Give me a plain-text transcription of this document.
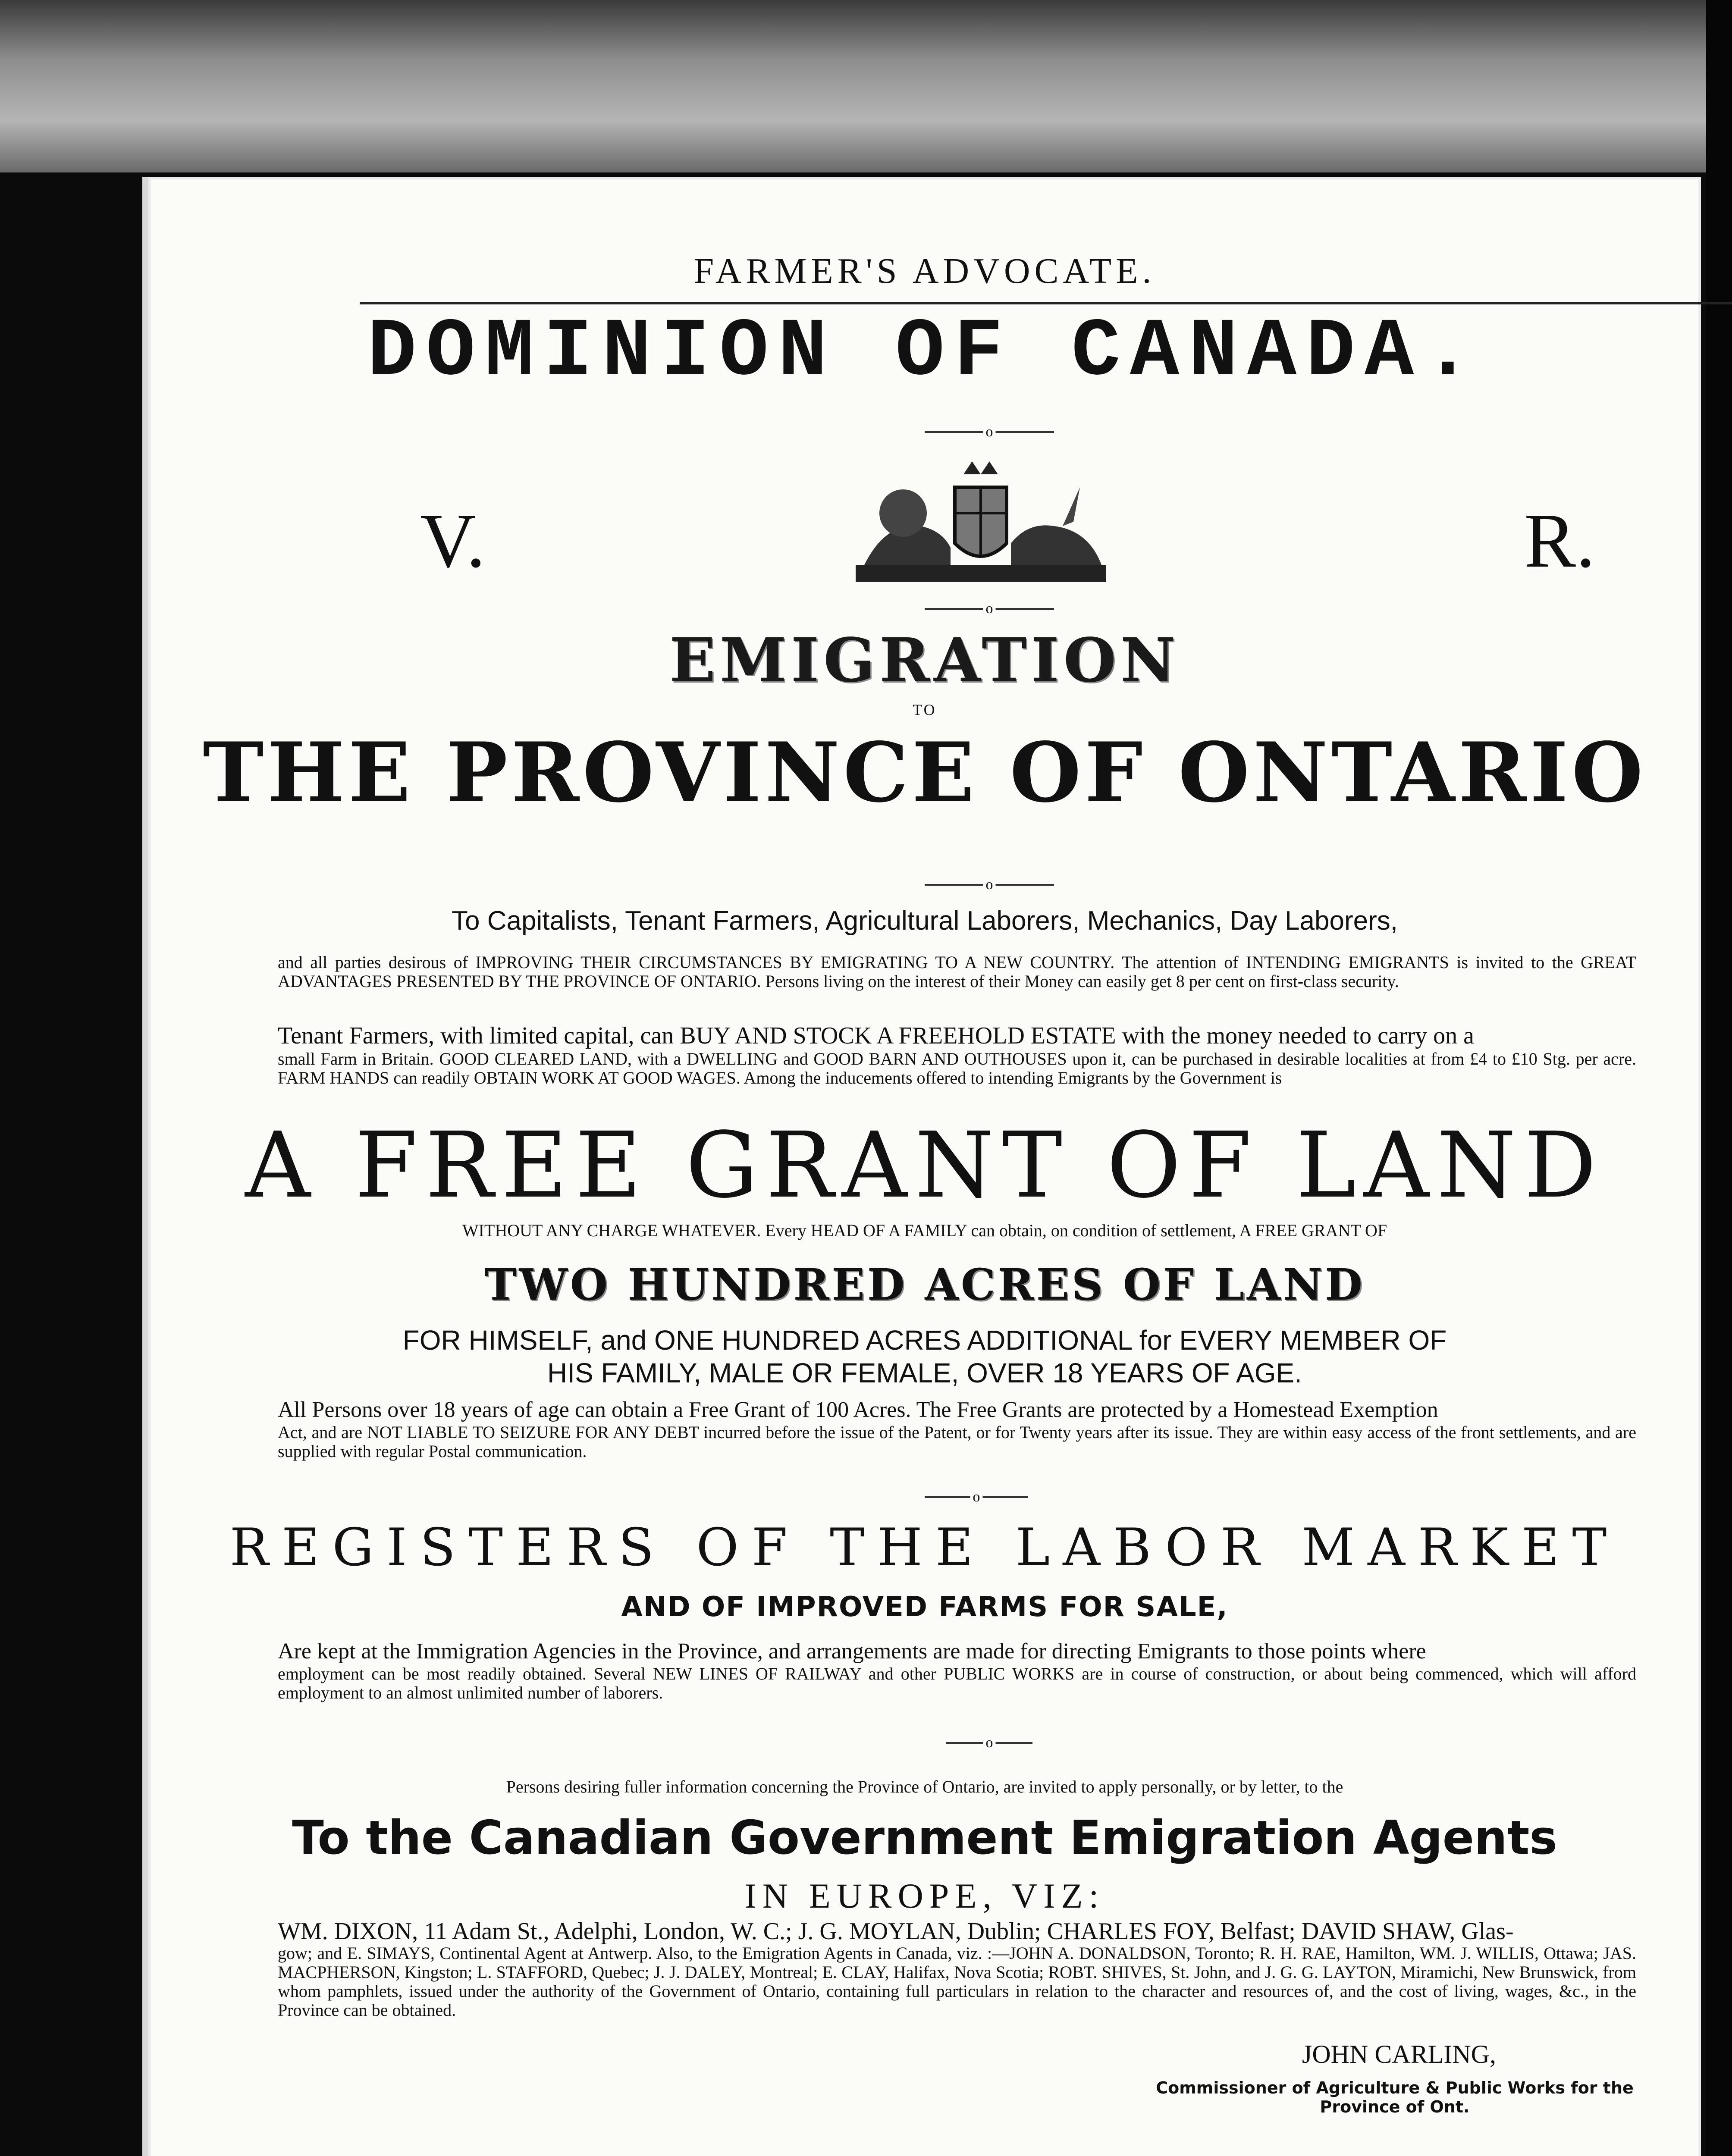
FARMER'S ADVOCATE.
DOMINION OF CANADA.
o
V.	R.
o
EMIGRATION
TO
THE PROVINCE OF ONTARIO
o
To Capitalists, Tenant Farmers, Agricultural Laborers, Mechanics, Day Laborers,
and all parties desirous of IMPROVING THEIR CIRCUMSTANCES BY EMIGRATING TO A NEW COUNTRY. The attention of INTENDING EMIGRANTS is invited to the GREAT ADVANTAGES PRESENTED BY THE PROVINCE OF ONTARIO. Persons living on the interest of their Money can easily get 8 per cent on first-class security.
Tenant Farmers, with limited capital, can BUY AND STOCK A FREEHOLD ESTATE with the money needed to carry on a
small Farm in Britain. GOOD CLEARED LAND, with a DWELLING and GOOD BARN AND OUTHOUSES upon it, can be purchased in desirable localities at from £4 to £10 Stg. per acre. FARM HANDS can readily OBTAIN WORK AT GOOD WAGES. Among the inducements offered to intending Emigrants by the Government is
A FREE GRANT OF LAND
WITHOUT ANY CHARGE WHATEVER. Every HEAD OF A FAMILY can obtain, on condition of settlement, A FREE GRANT OF
TWO HUNDRED ACRES OF LAND
FOR HIMSELF, and ONE HUNDRED ACRES ADDITIONAL for EVERY MEMBER OF
HIS FAMILY, MALE OR FEMALE, OVER 18 YEARS OF AGE.
All Persons over 18 years of age can obtain a Free Grant of 100 Acres. The Free Grants are protected by a Homestead Exemption
Act, and are NOT LIABLE TO SEIZURE FOR ANY DEBT incurred before the issue of the Patent, or for Twenty years after its issue. They are within easy access of the front settlements, and are supplied with regular Postal communication.
o
REGISTERS OF THE LABOR MARKET
AND OF IMPROVED FARMS FOR SALE,
Are kept at the Immigration Agencies in the Province, and arrangements are made for directing Emigrants to those points where
employment can be most readily obtained. Several NEW LINES OF RAILWAY and other PUBLIC WORKS are in course of construction, or about being commenced, which will afford employment to an almost unlimited number of laborers.
o
Persons desiring fuller information concerning the Province of Ontario, are invited to apply personally, or by letter, to the
To the Canadian Government Emigration Agents
IN EUROPE, VIZ:
WM. DIXON, 11 Adam St., Adelphi, London, W. C.; J. G. MOYLAN, Dublin; CHARLES FOY, Belfast; DAVID SHAW, Glas-
gow; and E. SIMAYS, Continental Agent at Antwerp. Also, to the Emigration Agents in Canada, viz. :—JOHN A. DONALDSON, Toronto; R. H. RAE, Hamilton, WM. J. WILLIS, Ottawa; JAS. MACPHERSON, Kingston; L. STAFFORD, Quebec; J. J. DALEY, Montreal; E. CLAY, Halifax, Nova Scotia; ROBT. SHIVES, St. John, and J. G. G. LAYTON, Miramichi, New Brunswick, from whom pamphlets, issued under the authority of the Government of Ontario, containing full particulars in relation to the character and resources of, and the cost of living, wages, &c., in the Province can be obtained.
JOHN CARLING,
Commissioner of Agriculture & Public Works for the Province of Ont.
